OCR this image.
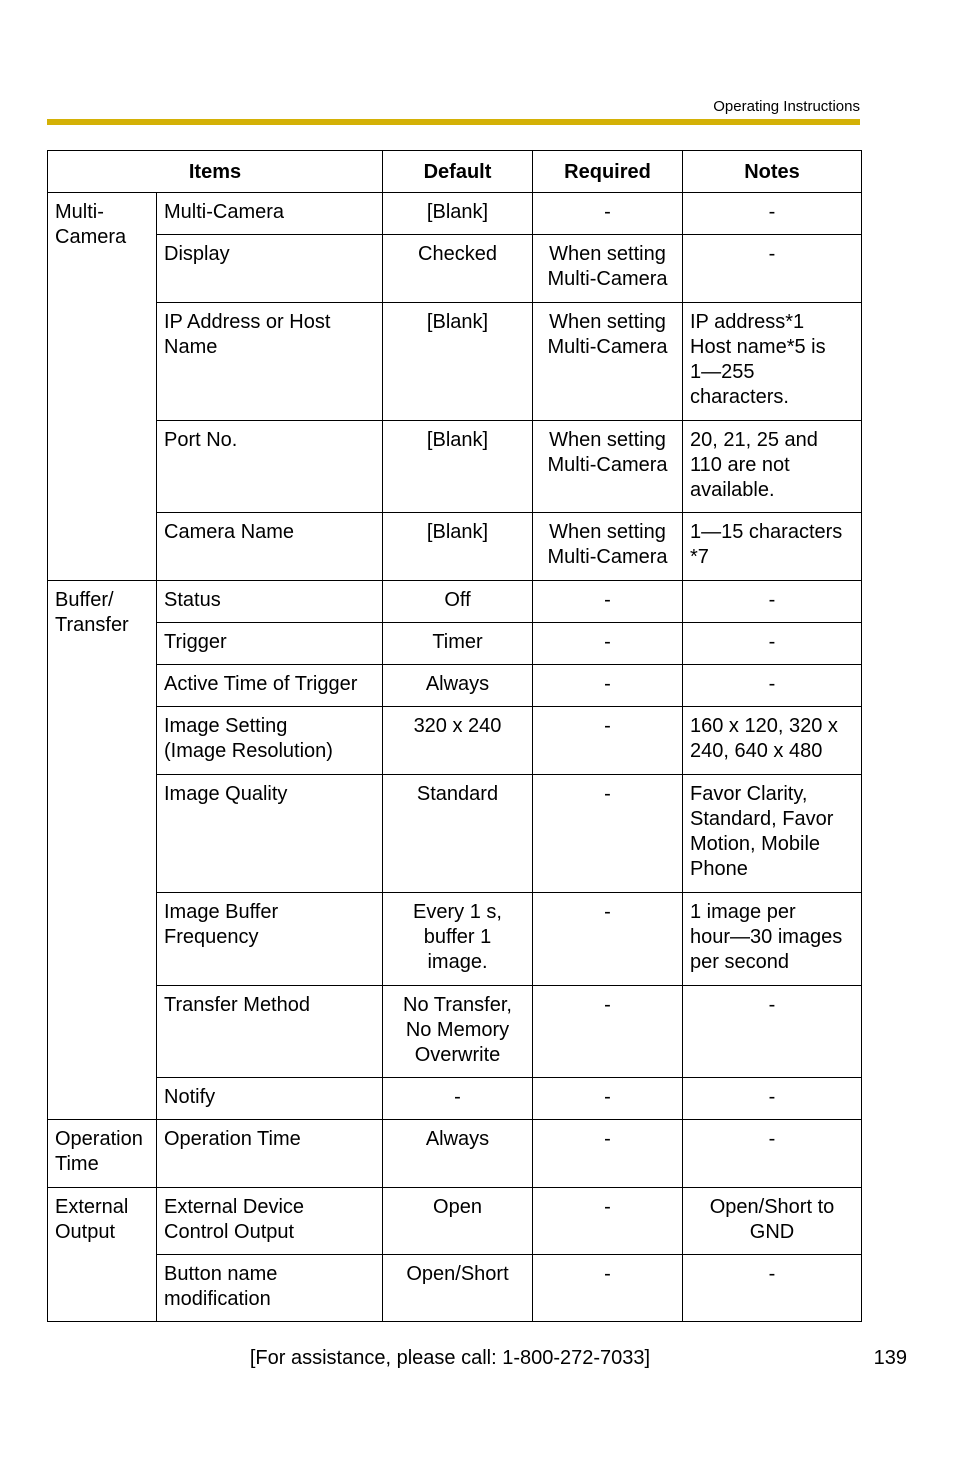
Operating Instructions
Items		Default	Required	Notes

Multi-
Camera	Multi-Camera	[Blank]	-	-

	Display	Checked	When setting
Multi-Camera	-

	IP Address or Host
Name	[Blank]	When setting
Multi-Camera	IP address*1
Host name*5 is
1—255
characters.

	Port No.	[Blank]	When setting
Multi-Camera	20, 21, 25 and
110 are not
available.

	Camera Name	[Blank]	When setting
Multi-Camera	1—15 characters
*7

Buffer/
Transfer	Status	Off	-	-

	Trigger	Timer	-	-

	Active Time of Trigger	Always	-	-

	Image Setting
(Image Resolution)	320 x 240	-	160 x 120, 320 x
240, 640 x 480

	Image Quality	Standard	-	Favor Clarity,
Standard, Favor
Motion, Mobile
Phone

	Image Buffer
Frequency	Every 1 s,
buffer 1
image.	-	1 image per
hour—30 images
per second

	Transfer Method	No Transfer,
No Memory
Overwrite	-	-

	Notify	-	-	-

Operation
Time	Operation Time	Always	-	-

External
Output	External Device
Control Output	Open	-	Open/Short to
GND

	Button name
modification	Open/Short	-	-
[For assistance, please call: 1-800-272-7033]	139
